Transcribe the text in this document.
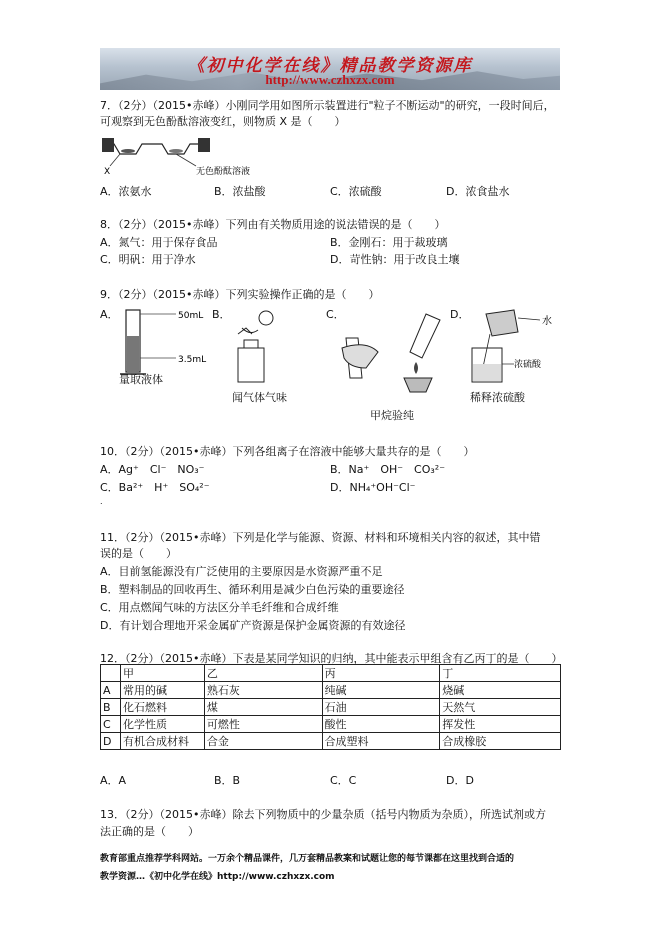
《初中化学在线》精品教学资源库
http://www.czhxzx.com
7．（2分）（2015•赤峰）小刚同学用如图所示装置进行"粒子不断运动"的研究，一段时间后，
可观察到无色酚酞溶液变红，则物质 X 是（　　）
X	无色酚酞溶液
A．浓氨水	B．浓盐酸	C．浓硫酸	D．浓食盐水
8．（2分）（2015•赤峰）下列由有关物质用途的说法错误的是（　　）
A．氮气：用于保存食品	B．金刚石：用于裁玻璃
C．明矾：用于净水	D．苛性钠：用于改良土壤
9．（2分）（2015•赤峰）下列实验操作正确的是（　　）
A．	B．	C．	D．
50mL
3.5mL
量取液体
闻气体气味
甲烷验纯
水
浓硫酸
稀释浓硫酸
10．（2分）（2015•赤峰）下列各组离子在溶液中能够大量共存的是（　　）
A．Ag⁺　Cl⁻　NO₃⁻	B．Na⁺　OH⁻　CO₃²⁻
C．Ba²⁺　H⁺　SO₄²⁻	D．NH₄⁺OH⁻Cl⁻
.
11．（2分）（2015•赤峰）下列是化学与能源、资源、材料和环境相关内容的叙述，其中错
误的是（　　）
A．目前氢能源没有广泛使用的主要原因是水资源严重不足
B．塑料制品的回收再生、循环利用是减少白色污染的重要途径
C．用点燃闻气味的方法区分羊毛纤维和合成纤维
D．有计划合理地开采金属矿产资源是保护金属资源的有效途径
12．（2分）（2015•赤峰）下表是某同学知识的归纳，其中能表示甲组含有乙丙丁的是（　　）
	甲	乙	丙	丁
A	常用的碱	熟石灰	纯碱	烧碱
B	化石燃料	煤	石油	天然气
C	化学性质	可燃性	酸性	挥发性
D	有机合成材料	合金	合成塑料	合成橡胶
A．A	B．B	C．C	D．D
13．（2分）（2015•赤峰）除去下列物质中的少量杂质（括号内物质为杂质），所选试剂或方
法正确的是（　　）
教育部重点推荐学科网站。一万余个精品课件，几万套精品教案和试题让您的每节课都在这里找到合适的
教学资源…《初中化学在线》http://www.czhxzx.com
